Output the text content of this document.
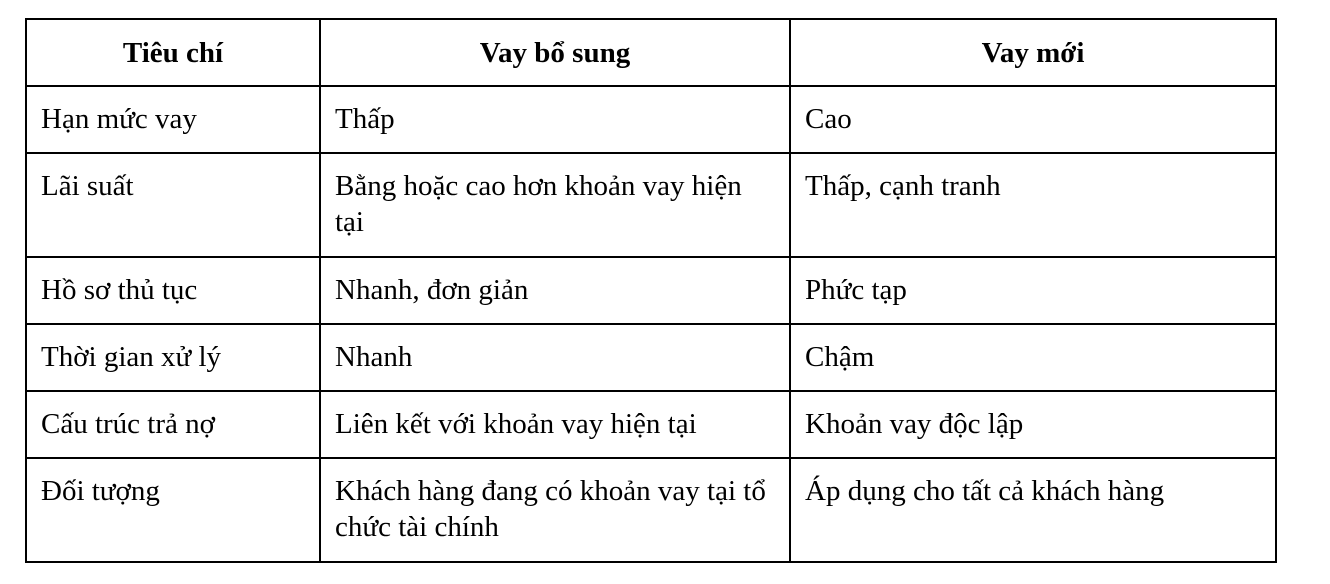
Tiêu chí	Vay bổ sung	Vay mới
Hạn mức vay	Thấp	Cao
Lãi suất	Bằng hoặc cao hơn khoản vay hiện tại	Thấp, cạnh tranh
Hồ sơ thủ tục	Nhanh, đơn giản	Phức tạp
Thời gian xử lý	Nhanh	Chậm
Cấu trúc trả nợ	Liên kết với khoản vay hiện tại	Khoản vay độc lập
Đối tượng	Khách hàng đang có khoản vay tại tổ chức tài chính	Áp dụng cho tất cả khách hàng
